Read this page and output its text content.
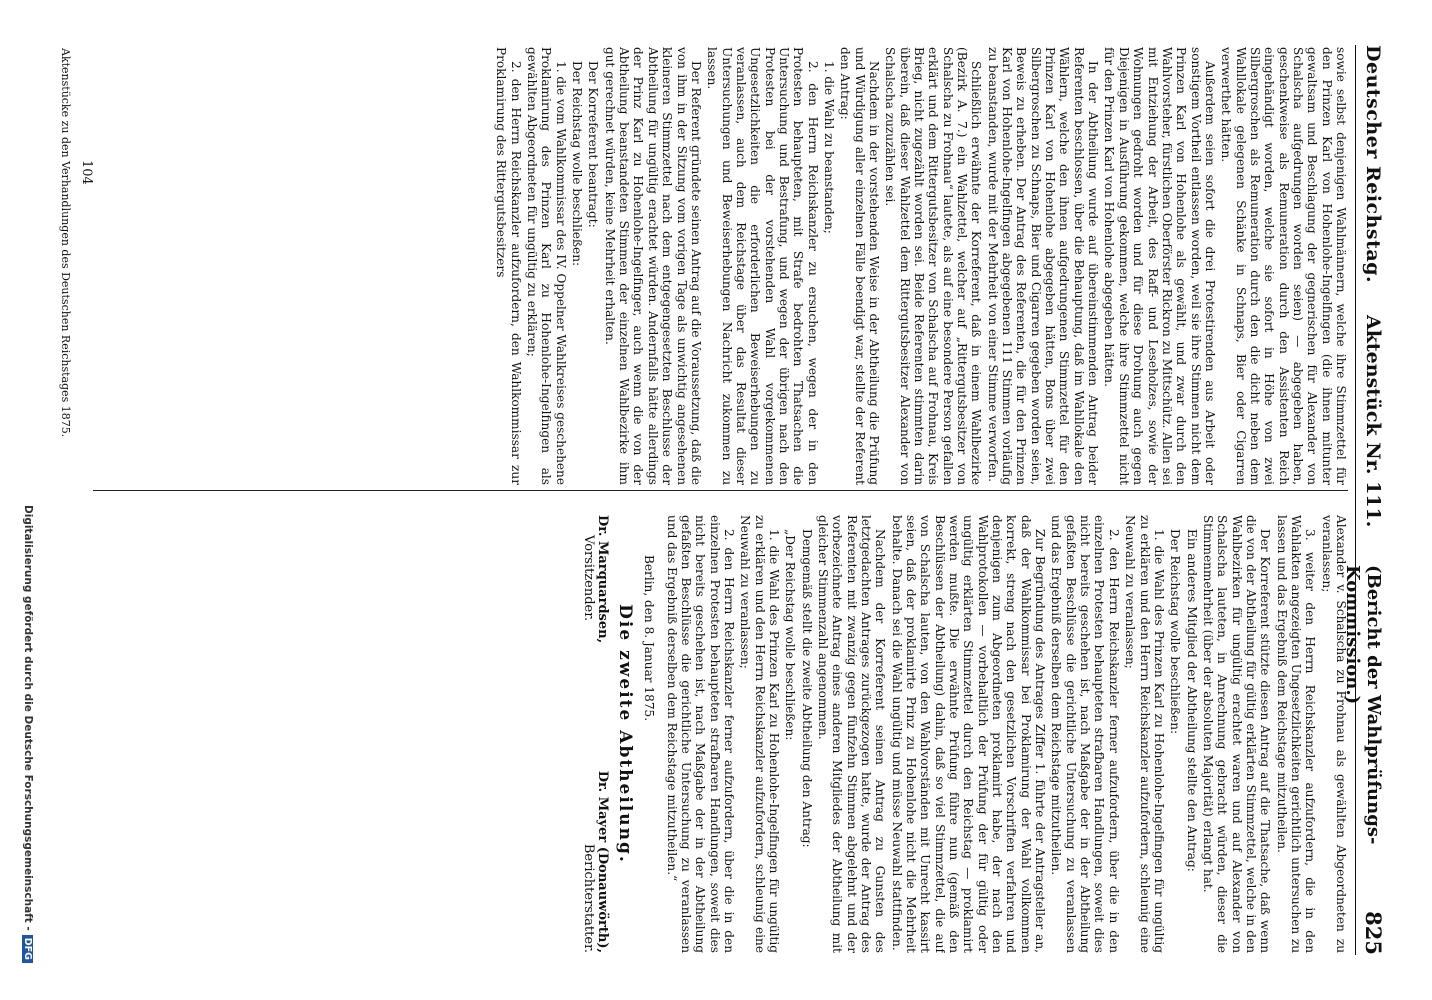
Deutscher Reichstag.
Aktenstück Nr. 111.
(Bericht der Wahlprüfungs-Kommission.)
825

sowie selbst denjenigen Wahlmännern, welche ihre Stimmzettel für den Prinzen Karl von Hohenlohe-Ingelfingen (die ihnen mitunter gewaltsam und Beschlagung der gegnerischen für Alexander von Schalscha aufgedrungen worden seien) — abgegeben haben, geschenkweise als Remuneration durch den Assistenten Reich eingehändigt worden, welche sie sofort in Höhe von zwei Silbergroschen als Remuneration durch den die dicht neben dem Wahllokale gelegenen Schänke in Schnaps, Bier oder Cigarren verwerthet hätten.

Außerdem seien sofort die drei Protestirenden aus Arbeit oder sonstigem Vortheil entlassen worden, weil sie ihre Stimmen nicht dem Prinzen Karl von Hohenlohe als gewählt, und zwar durch den Wahlvorsteher, fürstlichen Oberförster Rickron zu Mittschütz. Allen sei mit Entziehung der Arbeit, des Raff- und Leseholzes, sowie der Wohnungen gedroht worden und für diese Drohung auch gegen Diejenigen in Ausführung gekommen, welche ihre Stimmzettel nicht für den Prinzen Karl von Hohenlohe abgegeben hätten.

In der Abtheilung wurde auf übereinstimmenden Antrag beider Referenten beschlossen, über die Behauptung, daß im Wahllokale den Wählern, welche den ihnen aufgedrungenen Stimmzettel für den Prinzen Karl von Hohenlohe abgegeben hätten, Bons über zwei Silbergroschen zu Schnaps, Bier und Cigarren gegeben worden seien, Beweis zu erheben. Der Antrag des Referenten, die für den Prinzen Karl von Hohenlohe-Ingelfingen abgegebenen 111 Stimmen vorläufig zu beanstanden, wurde mit der Mehrheit von einer Stimme verworfen.

Schließlich erwähnte der Korreferent, daß in einem Wahlbezirke (Bezirk A. 7.) ein Wahlzettel, welcher auf „Rittergutsbesitzer von Schalscha zu Frohnau“ lautete, als auf eine besondere Person gefallen erklärt und dem Rittergutsbesitzer von Schalscha auf Frohnau, Kreis Brieg, nicht zugezählt worden sei. Beide Referenten stimmten darin überein, daß dieser Wahlzettel dem Rittergutsbesitzer Alexander von Schalscha zuzuzählen sei.

Nachdem in der vorstehenden Weise in der Abtheilung die Prüfung und Würdigung aller einzelnen Fälle beendigt war, stellte der Referent den Antrag:

1. die Wahl zu beanstanden;

2. den Herrn Reichskanzler zu ersuchen, wegen der in den Protesten behaupteten, mit Strafe bedrohten Thatsachen die Untersuchung und Bestrafung, und wegen der übrigen nach den Protesten bei der vorstehenden Wahl vorgekommenen Ungesetzlichkeiten die erforderlichen Beweiserhebungen zu veranlassen, auch dem Reichstage über das Resultat dieser Untersuchungen und Beweiserhebungen Nachricht zukommen zu lassen.

Der Referent gründete seinen Antrag auf die Voraussetzung, daß die von ihm in der Sitzung vom vorigen Tage als unwichtig angesehenen kleineren Stimmzettel nach dem entgegengesetzten Beschlusse der Abtheilung für ungültig erachtet würden. Andernfalls hätte allerdings der Prinz Karl zu Hohenlohe-Ingelfinger, auch wenn die von der Abtheilung beanstandeten Stimmen der einzelnen Wahlbezirke ihm gut gerechnet würden, keine Mehrheit erhalten.

Der Korreferent beantragt:

Der Reichstag wolle beschließen:

1. die vom Wahlkommissar des IV. Oppelner Wahlkreises geschehene Proklamirung des Prinzen Karl zu Hohenlohe-Ingelfingen als gewählten Abgeordneten für ungültig zu erklären;

2. den Herrn Reichskanzler aufzufordern, den Wahlkommissar zur Proklamirung des Rittergutsbesitzers

Alexander v. Schalscha zu Frohnau als gewählten Abgeordneten zu veranlassen;

3. weiter den Herrn Reichskanzler aufzufordern, die in den Wahlakten angezeigten Ungesetzlichkeiten gerichtlich untersuchen zu lassen und das Ergebniß dem Reichstage mitzutheilen.

Der Korreferent stützte diesen Antrag auf die Thatsache, daß wenn die von der Abtheilung für gültig erklärten Stimmzettel, welche in den Wahlbezirken für ungültig erachtet waren und auf Alexander von Schalscha lauteten, in Anrechnung gebracht würden, dieser die Stimmenmehrheit (über der absoluten Majorität) erlangt hat.

Ein anderes Mitglied der Abtheilung stellte den Antrag:

Der Reichstag wolle beschließen:

1. die Wahl des Prinzen Karl zu Hohenlohe-Ingelfingen für ungültig zu erklären und den Herrn Reichskanzler aufzufordern, schleunig eine Neuwahl zu veranlassen;

2. den Herrn Reichskanzler ferner aufzufordern, über die in den einzelnen Protesten behaupteten strafbaren Handlungen, soweit dies nicht bereits geschehen ist, nach Maßgabe der in der Abtheilung gefaßten Beschlüsse die gerichtliche Untersuchung zu veranlassen und das Ergebniß derselben dem Reichstage mitzutheilen.

Zur Begründung des Antrages Ziffer 1. führte der Antragsteller an, daß der Wahlkommissar bei Proklamirung der Wahl vollkommen korrekt, streng nach den gesetzlichen Vorschriften verfahren und denjenigen zum Abgeordneten proklamirt habe, der nach den Wahlprotokollen — vorbehaltlich der Prüfung der für gültig oder ungültig erklärten Stimmzettel durch den Reichstag — proklamirt werden mußte. Die erwähnte Prüfung führe nun (gemäß den Beschlüssen der Abtheilung) dahin, daß so viel Stimmzettel, die auf von Schalscha lauten, von den Wahlvorständen mit Unrecht kassirt seien, daß der proklamirte Prinz zu Hohenlohe nicht die Mehrheit behalte. Danach sei die Wahl ungültig und müsse Neuwahl stattfinden.

Nachdem der Korreferent seinen Antrag zu Gunsten des letztgedachten Antrages zurückgezogen hatte, wurde der Antrag des Referenten mit zwanzig gegen fünfzehn Stimmen abgelehnt und der vorbezeichnete Antrag eines anderen Mitgliedes der Abtheilung mit gleicher Stimmenzahl angenommen.

Demgemäß stellt die zweite Abtheilung den Antrag:

„Der Reichstag wolle beschließen:

1. die Wahl des Prinzen Karl zu Hohenlohe-Ingelfingen für ungültig zu erklären und den Herrn Reichskanzler aufzufordern, schleunig eine Neuwahl zu veranlassen;

2. den Herrn Reichskanzler ferner aufzufordern, über die in den einzelnen Protesten behaupteten strafbaren Handlungen, soweit dies nicht bereits geschehen ist, nach Maßgabe der in der Abtheilung gefaßten Beschlüsse die gerichtliche Untersuchung zu veranlassen und das Ergebniß derselben dem Reichstage mitzutheilen.“

Berlin, den 8. Januar 1875.
Die zweite Abtheilung.
Dr. Marquardsen,
Dr. Mayer (Donauwörth),
Vorsitzender.
Berichterstatter.
104
Aktenstücke zu den Verhandlungen des Deutschen Reichstages 1875.
Digitalisierung gefördert durch die Deutsche Forschungsgemeinschaft -DFG
